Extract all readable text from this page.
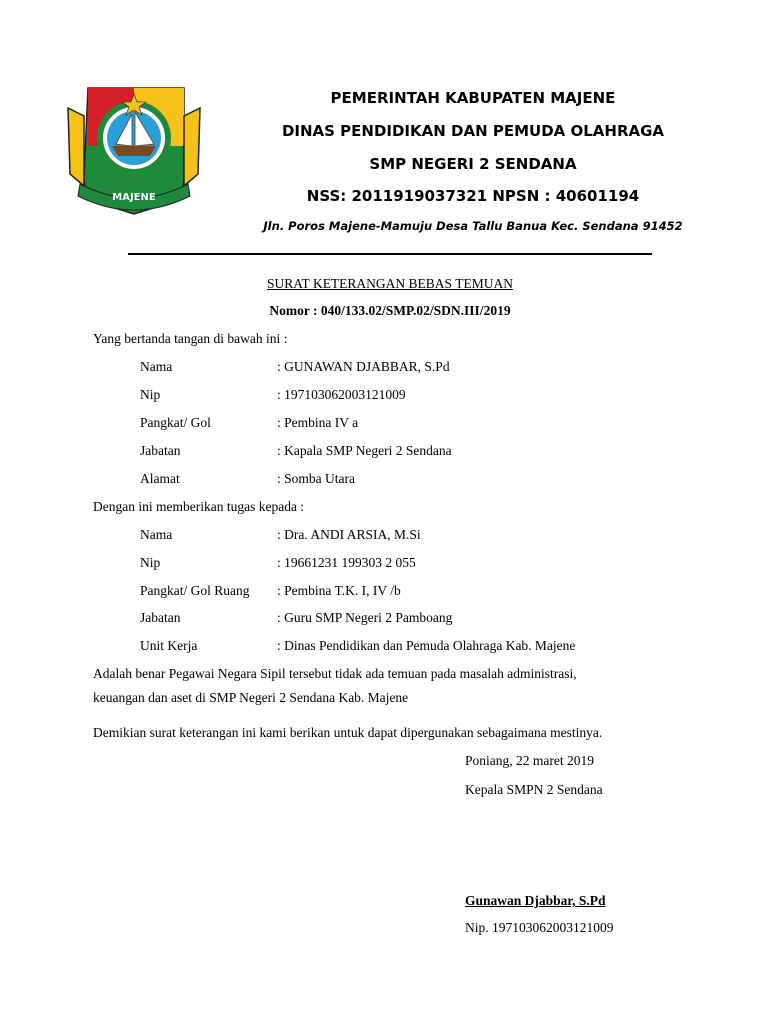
MAJENE
PEMERINTAH KABUPATEN MAJENE
DINAS PENDIDIKAN DAN PEMUDA OLAHRAGA
SMP NEGERI 2 SENDANA
NSS: 2011919037321 NPSN : 40601194
Jln. Poros Majene-Mamuju Desa Tallu Banua Kec. Sendana 91452
SURAT KETERANGAN BEBAS TEMUAN
Nomor : 040/133.02/SMP.02/SDN.III/2019
Yang bertanda tangan di bawah ini :
Nama	: GUNAWAN DJABBAR, S.Pd
Nip	: 197103062003121009
Pangkat/ Gol	: Pembina IV a
Jabatan	: Kapala SMP Negeri 2 Sendana
Alamat	: Somba Utara
Dengan ini memberikan tugas kepada :
Nama	: Dra. ANDI ARSIA, M.Si
Nip	: 19661231 199303 2 055
Pangkat/ Gol Ruang : Pembina T.K. I, IV /b
Jabatan	: Guru SMP Negeri 2 Pamboang
Unit Kerja	: Dinas Pendidikan dan Pemuda Olahraga Kab. Majene
Adalah benar Pegawai Negara Sipil tersebut tidak ada temuan pada masalah administrasi,
keuangan dan aset di SMP Negeri 2 Sendana Kab. Majene
Demikian surat keterangan ini kami berikan untuk dapat dipergunakan sebagaimana mestinya.
Poniang, 22 maret 2019
Kepala SMPN 2 Sendana
Gunawan Djabbar, S.Pd
Nip. 197103062003121009
